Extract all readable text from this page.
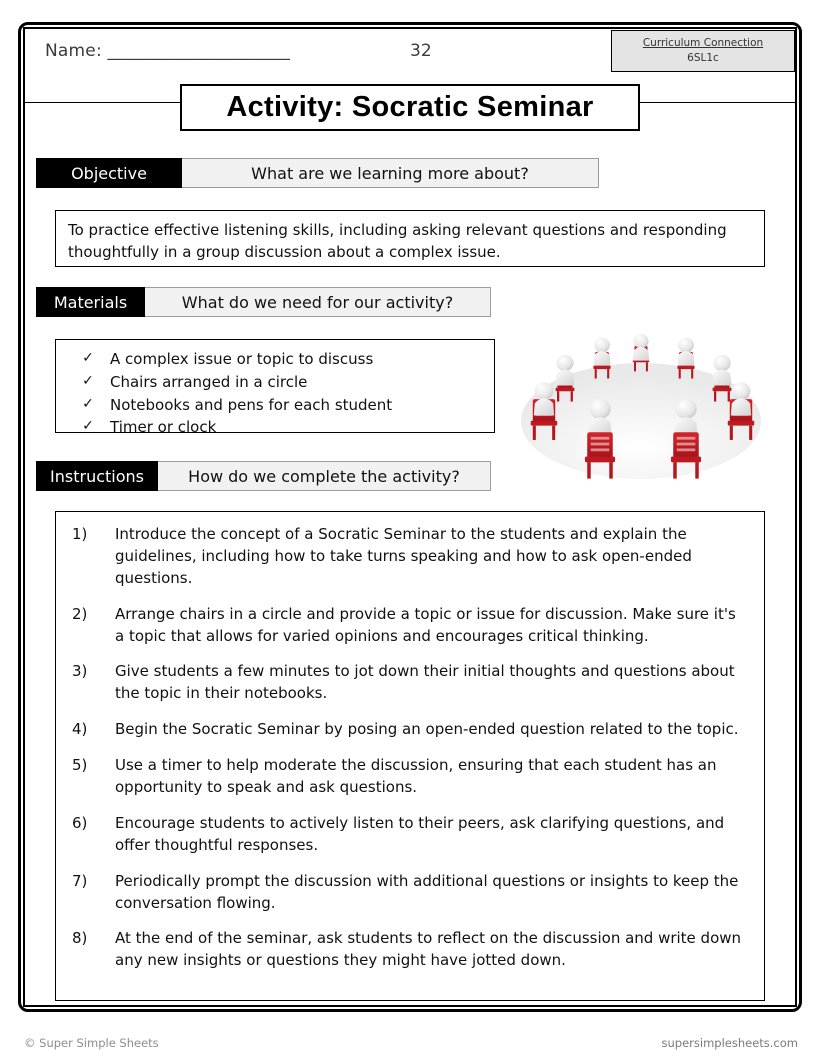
Name: _____________________	32	Curriculum Connection
6SL1c
Activity: Socratic Seminar
Objective	What are we learning more about?
To practice effective listening skills, including asking relevant questions and responding thoughtfully in a group discussion about a complex issue.
Materials	What do we need for our activity?
✓	A complex issue or topic to discuss
✓	Chairs arranged in a circle
✓	Notebooks and pens for each student
✓	Timer or clock
Instructions	How do we complete the activity?
1)	Introduce the concept of a Socratic Seminar to the students and explain the guidelines, including how to take turns speaking and how to ask open-ended questions.
2)	Arrange chairs in a circle and provide a topic or issue for discussion. Make sure it's a topic that allows for varied opinions and encourages critical thinking.
3)	Give students a few minutes to jot down their initial thoughts and questions about the topic in their notebooks.
4)	Begin the Socratic Seminar by posing an open-ended question related to the topic.
5)	Use a timer to help moderate the discussion, ensuring that each student has an opportunity to speak and ask questions.
6)	Encourage students to actively listen to their peers, ask clarifying questions, and offer thoughtful responses.
7)	Periodically prompt the discussion with additional questions or insights to keep the conversation flowing.
8)	At the end of the seminar, ask students to reflect on the discussion and write down any new insights or questions they might have jotted down.
© Super Simple Sheets	supersimplesheets.com
